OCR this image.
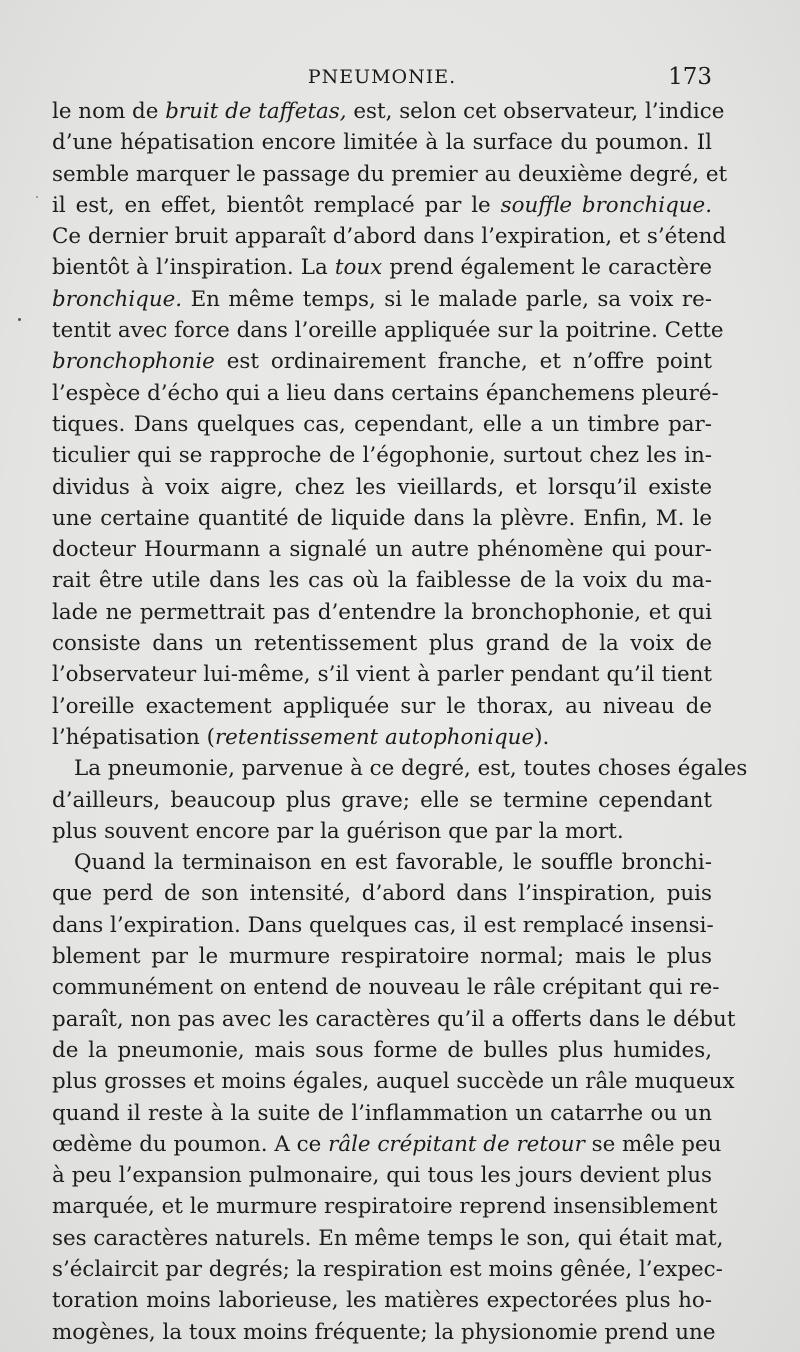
PNEUMONIE.	173
le nom de bruit de taffetas, est, selon cet observateur, l’indice
d’une hépatisation encore limitée à la surface du poumon. Il
semble marquer le passage du premier au deuxième degré, et
il est, en effet, bientôt remplacé par le souffle bronchique.
Ce dernier bruit apparaît d’abord dans l’expiration, et s’étend
bientôt à l’inspiration. La toux prend également le caractère
bronchique. En même temps, si le malade parle, sa voix re-
tentit avec force dans l’oreille appliquée sur la poitrine. Cette
bronchophonie est ordinairement franche, et n’offre point
l’espèce d’écho qui a lieu dans certains épanchemens pleuré-
tiques. Dans quelques cas, cependant, elle a un timbre par-
ticulier qui se rapproche de l’égophonie, surtout chez les in-
dividus à voix aigre, chez les vieillards, et lorsqu’il existe
une certaine quantité de liquide dans la plèvre. Enfin, M. le
docteur Hourmann a signalé un autre phénomène qui pour-
rait être utile dans les cas où la faiblesse de la voix du ma-
lade ne permettrait pas d’entendre la bronchophonie, et qui
consiste dans un retentissement plus grand de la voix de
l’observateur lui-même, s’il vient à parler pendant qu’il tient
l’oreille exactement appliquée sur le thorax, au niveau de
l’hépatisation (retentissement autophonique).
La pneumonie, parvenue à ce degré, est, toutes choses égales
d’ailleurs, beaucoup plus grave; elle se termine cependant
plus souvent encore par la guérison que par la mort.
Quand la terminaison en est favorable, le souffle bronchi-
que perd de son intensité, d’abord dans l’inspiration, puis
dans l’expiration. Dans quelques cas, il est remplacé insensi-
blement par le murmure respiratoire normal; mais le plus
communément on entend de nouveau le râle crépitant qui re-
paraît, non pas avec les caractères qu’il a offerts dans le début
de la pneumonie, mais sous forme de bulles plus humides,
plus grosses et moins égales, auquel succède un râle muqueux
quand il reste à la suite de l’inflammation un catarrhe ou un
œdème du poumon. A ce râle crépitant de retour se mêle peu
à peu l’expansion pulmonaire, qui tous les jours devient plus
marquée, et le murmure respiratoire reprend insensiblement
ses caractères naturels. En même temps le son, qui était mat,
s’éclaircit par degrés; la respiration est moins gênée, l’expec-
toration moins laborieuse, les matières expectorées plus ho-
mogènes, la toux moins fréquente; la physionomie prend une
